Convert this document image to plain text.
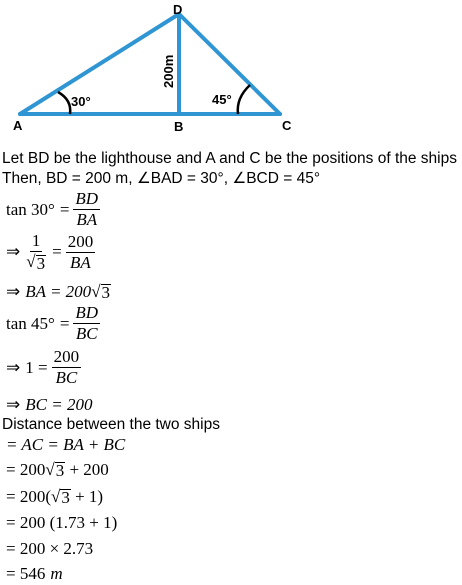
D
A	B	C
30°	45°
200m
Let BD be the lighthouse and A and C be the positions of the ships
Then, BD = 200 m, ∠BAD = 30°, ∠BCD = 45°
$\tan 30^\circ = \frac{BD}{BA}$
⇒ $\frac{1}{√ 3} = \frac{200}{BA}$
⇒ BA = 200 √ 3
$\tan 45^\circ = \frac{BD}{BC}$
⇒ $1 = \frac{200}{BC}$
⇒ BC = 200
Distance between the two ships
= AC = BA + BC
= 200 √ 3 + 200
= 200( √ 3 + 1)
= 200 (1.73 + 1)
= 200 × 2.73
= 546 m
